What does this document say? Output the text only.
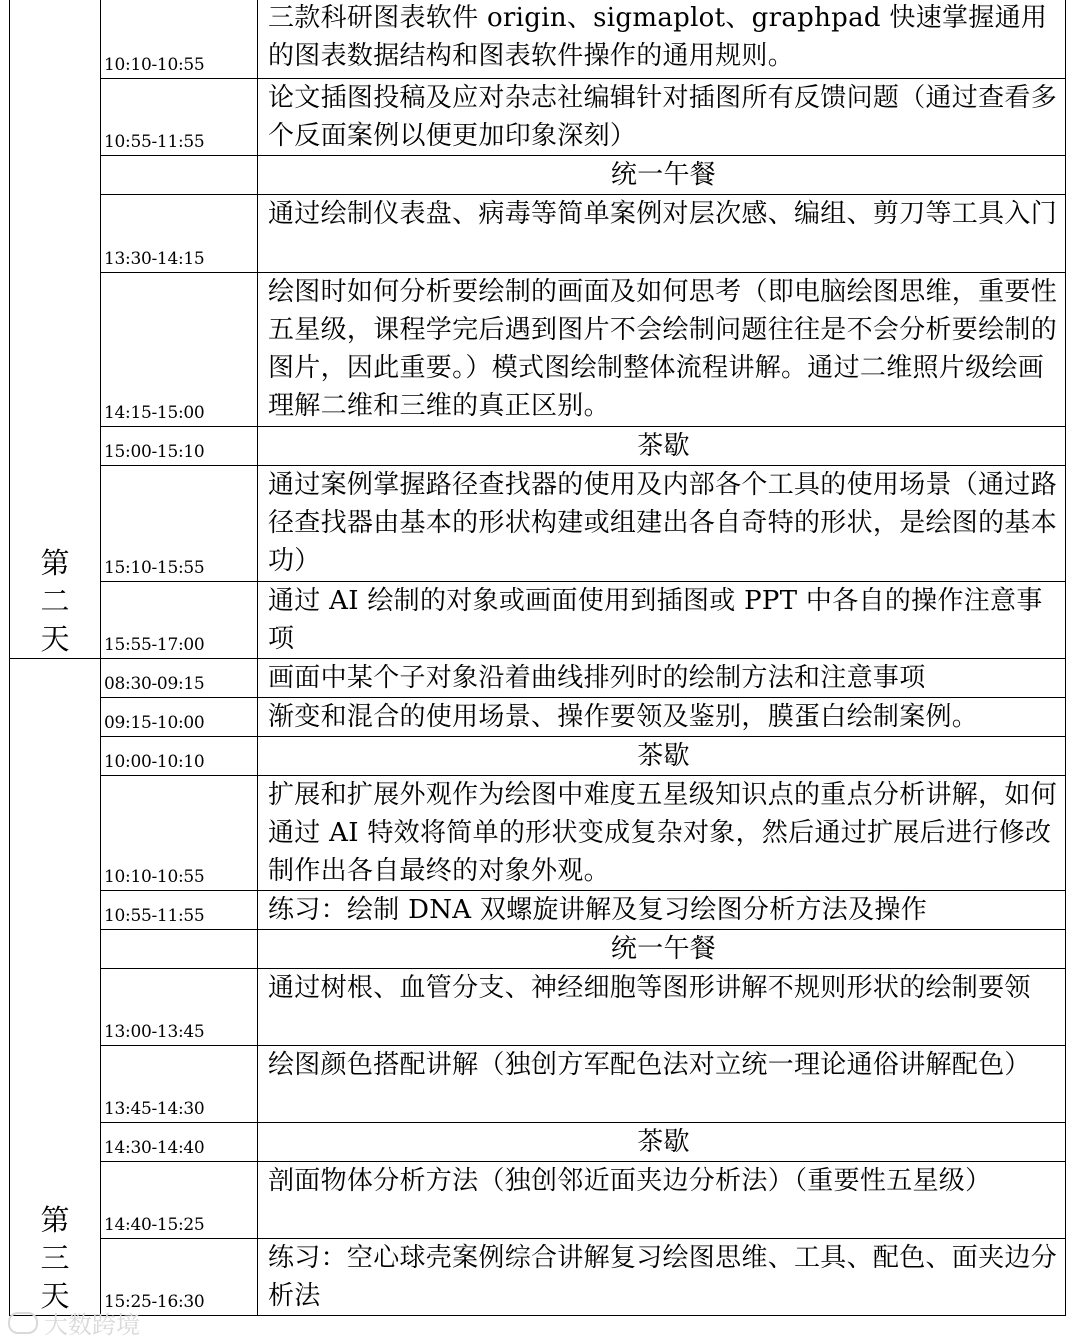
第二天	10:10-10:55	三款科研图表软件 origin、sigmaplot、graphpad 快速掌握通用的图表数据结构和图表软件操作的通用规则。
	10:55-11:55	论文插图投稿及应对杂志社编辑针对插图所有反馈问题（通过查看多个反面案例以便更加印象深刻）
		统一午餐
	13:30-14:15	通过绘制仪表盘、病毒等简单案例对层次感、编组、剪刀等工具入门
	14:15-15:00	绘图时如何分析要绘制的画面及如何思考（即电脑绘图思维，重要性五星级，课程学完后遇到图片不会绘制问题往往是不会分析要绘制的图片，因此重要。）模式图绘制整体流程讲解。通过二维照片级绘画理解二维和三维的真正区别。
	15:00-15:10	茶歇
	15:10-15:55	通过案例掌握路径查找器的使用及内部各个工具的使用场景（通过路径查找器由基本的形状构建或组建出各自奇特的形状，是绘图的基本功）
	15:55-17:00	通过 AI 绘制的对象或画面使用到插图或 PPT 中各自的操作注意事项
第三天	08:30-09:15	画面中某个子对象沿着曲线排列时的绘制方法和注意事项
	09:15-10:00	渐变和混合的使用场景、操作要领及鉴别，膜蛋白绘制案例。
	10:00-10:10	茶歇
	10:10-10:55	扩展和扩展外观作为绘图中难度五星级知识点的重点分析讲解，如何通过 AI 特效将简单的形状变成复杂对象，然后通过扩展后进行修改制作出各自最终的对象外观。
	10:55-11:55	练习：绘制 DNA 双螺旋讲解及复习绘图分析方法及操作
		统一午餐
	13:00-13:45	通过树根、血管分支、神经细胞等图形讲解不规则形状的绘制要领
	13:45-14:30	绘图颜色搭配讲解（独创方军配色法对立统一理论通俗讲解配色）
	14:30-14:40	茶歇
	14:40-15:25	剖面物体分析方法（独创邻近面夹边分析法）（重要性五星级）
	15:25-16:30	练习：空心球壳案例综合讲解复习绘图思维、工具、配色、面夹边分析法
大数跨境
